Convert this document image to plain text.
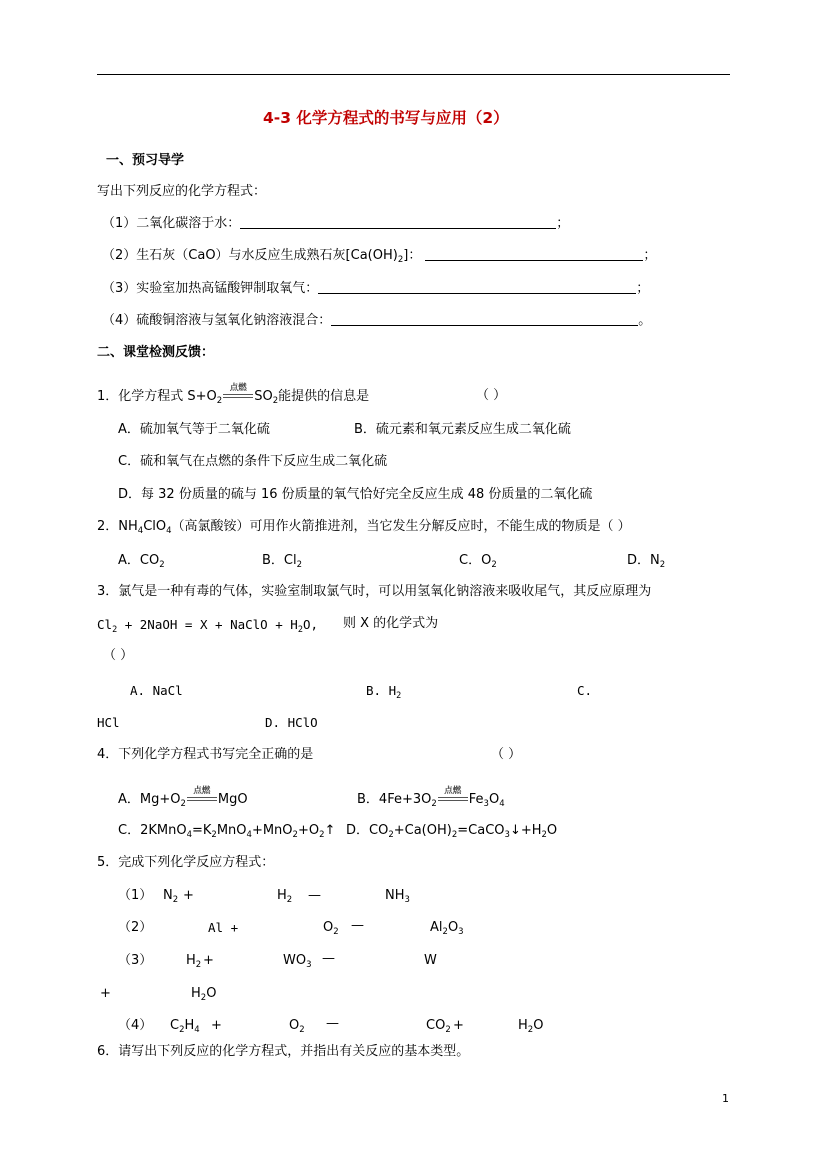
4-3 化学方程式的书写与应用（2）
一、预习导学
写出下列反应的化学方程式：
（1）二氧化碳溶于水：	；
（2）生石灰（CaO）与水反应生成熟石灰$[Ca(OH)_2]$：	；
（3）实验室加热高锰酸钾制取氧气：	；
（4）硫酸铜溶液与氢氧化钠溶液混合：	。
二、课堂检测反馈：
1．化学方程式 $S+O_2$
点燃
$SO_2$能提供的信息是	（ ）
A．硫加氧气等于二氧化硫	B．硫元素和氧元素反应生成二氧化硫
C．硫和氧气在点燃的条件下反应生成二氧化硫
D．每 32 份质量的硫与 16 份质量的氧气恰好完全反应生成 48 份质量的二氧化硫
2．$NH_4ClO_4$（高氯酸铵）可用作火箭推进剂，当它发生分解反应时，不能生成的物质是（ ）
A．$CO_2$	B．$Cl_2$	C．$O_2$	D．$N_2$
3．氯气是一种有毒的气体，实验室制取氯气时，可以用氢氧化钠溶液来吸收尾气，其反应原理为
$Cl_2$ + 2NaOH = X + NaClO + $H_2O$, 则 X 的化学式为
（ ）
A. NaCl	B. $H_2$	C.
HCl	D. HClO
4．下列化学方程式书写完全正确的是	（ ）
A．$Mg+O_2$
点燃
MgO	B．$4Fe+3O_2$
点燃
$Fe_3O_4$
C．$2KMnO_4=K_2MnO_4+MnO_2+O_2↑$ D．$CO_2+Ca(OH)_2=CaCO_3↓+H_2O$
5．完成下列化学反应方程式：
（1） $N_2$ +	$H_2$ —	$NH_3$
（2）	Al +	$O_2$ —	$Al_2O_3$
（3）	$H_2$ +	$WO_3$ —	W
+	$H_2O$
（4） $C_2H_4$ +	$O_2$ —	$CO_2$ +	$H_2O$
6．请写出下列反应的化学方程式，并指出有关反应的基本类型。
1
